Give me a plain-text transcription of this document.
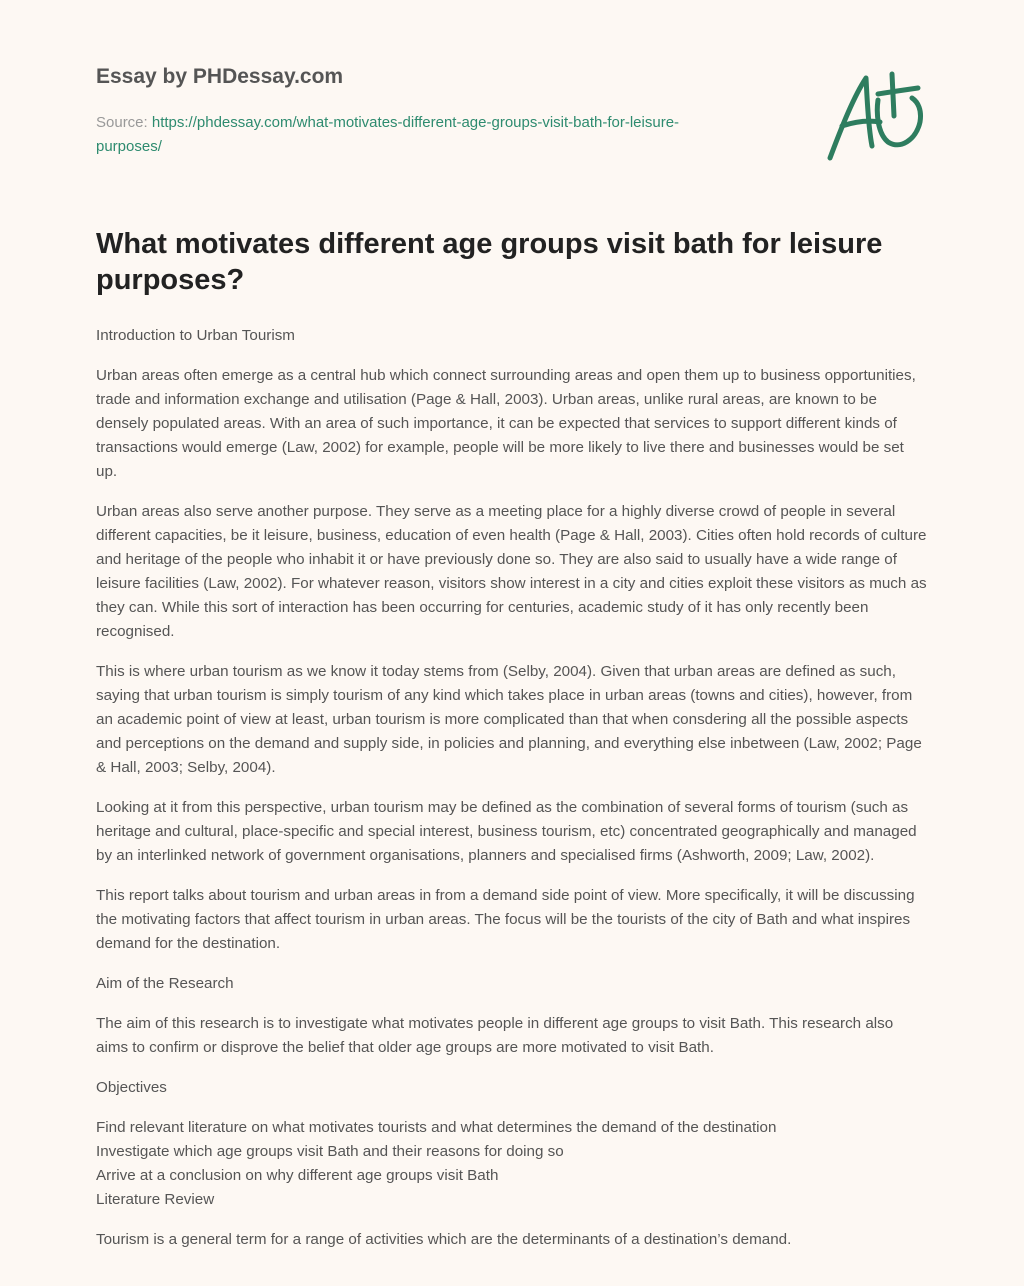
Essay by PHDessay.com
Source: https://phdessay.com/what-motivates-different-age-groups-visit-bath-for-leisure-purposes/
What motivates different age groups visit bath for leisure purposes?

Introduction to Urban Tourism

Urban areas often emerge as a central hub which connect surrounding areas and open them up to business opportunities, trade and information exchange and utilisation (Page & Hall, 2003). Urban areas, unlike rural areas, are known to be densely populated areas. With an area of such importance, it can be expected that services to support different kinds of transactions would emerge (Law, 2002) for example, people will be more likely to live there and businesses would be set up.

Urban areas also serve another purpose. They serve as a meeting place for a highly diverse crowd of people in several different capacities, be it leisure, business, education of even health (Page & Hall, 2003). Cities often hold records of culture and heritage of the people who inhabit it or have previously done so. They are also said to usually have a wide range of leisure facilities (Law, 2002). For whatever reason, visitors show interest in a city and cities exploit these visitors as much as they can. While this sort of interaction has been occurring for centuries, academic study of it has only recently been recognised.

This is where urban tourism as we know it today stems from (Selby, 2004). Given that urban areas are defined as such, saying that urban tourism is simply tourism of any kind which takes place in urban areas (towns and cities), however, from an academic point of view at least, urban tourism is more complicated than that when consdering all the possible aspects and perceptions on the demand and supply side, in policies and planning, and everything else inbetween (Law, 2002; Page & Hall, 2003; Selby, 2004).

Looking at it from this perspective, urban tourism may be defined as the combination of several forms of tourism (such as heritage and cultural, place-specific and special interest, business tourism, etc) concentrated geographically and managed by an interlinked network of government organisations, planners and specialised firms (Ashworth, 2009; Law, 2002).

This report talks about tourism and urban areas in from a demand side point of view. More specifically, it will be discussing the motivating factors that affect tourism in urban areas. The focus will be the tourists of the city of Bath and what inspires demand for the destination.

Aim of the Research

The aim of this research is to investigate what motivates people in different age groups to visit Bath. This research also aims to confirm or disprove the belief that older age groups are more motivated to visit Bath.

Objectives

Find relevant literature on what motivates tourists and what determines the demand of the destination
Investigate which age groups visit Bath and their reasons for doing so
Arrive at a conclusion on why different age groups visit Bath
Literature Review

Tourism is a general term for a range of activities which are the determinants of a destination’s demand.
